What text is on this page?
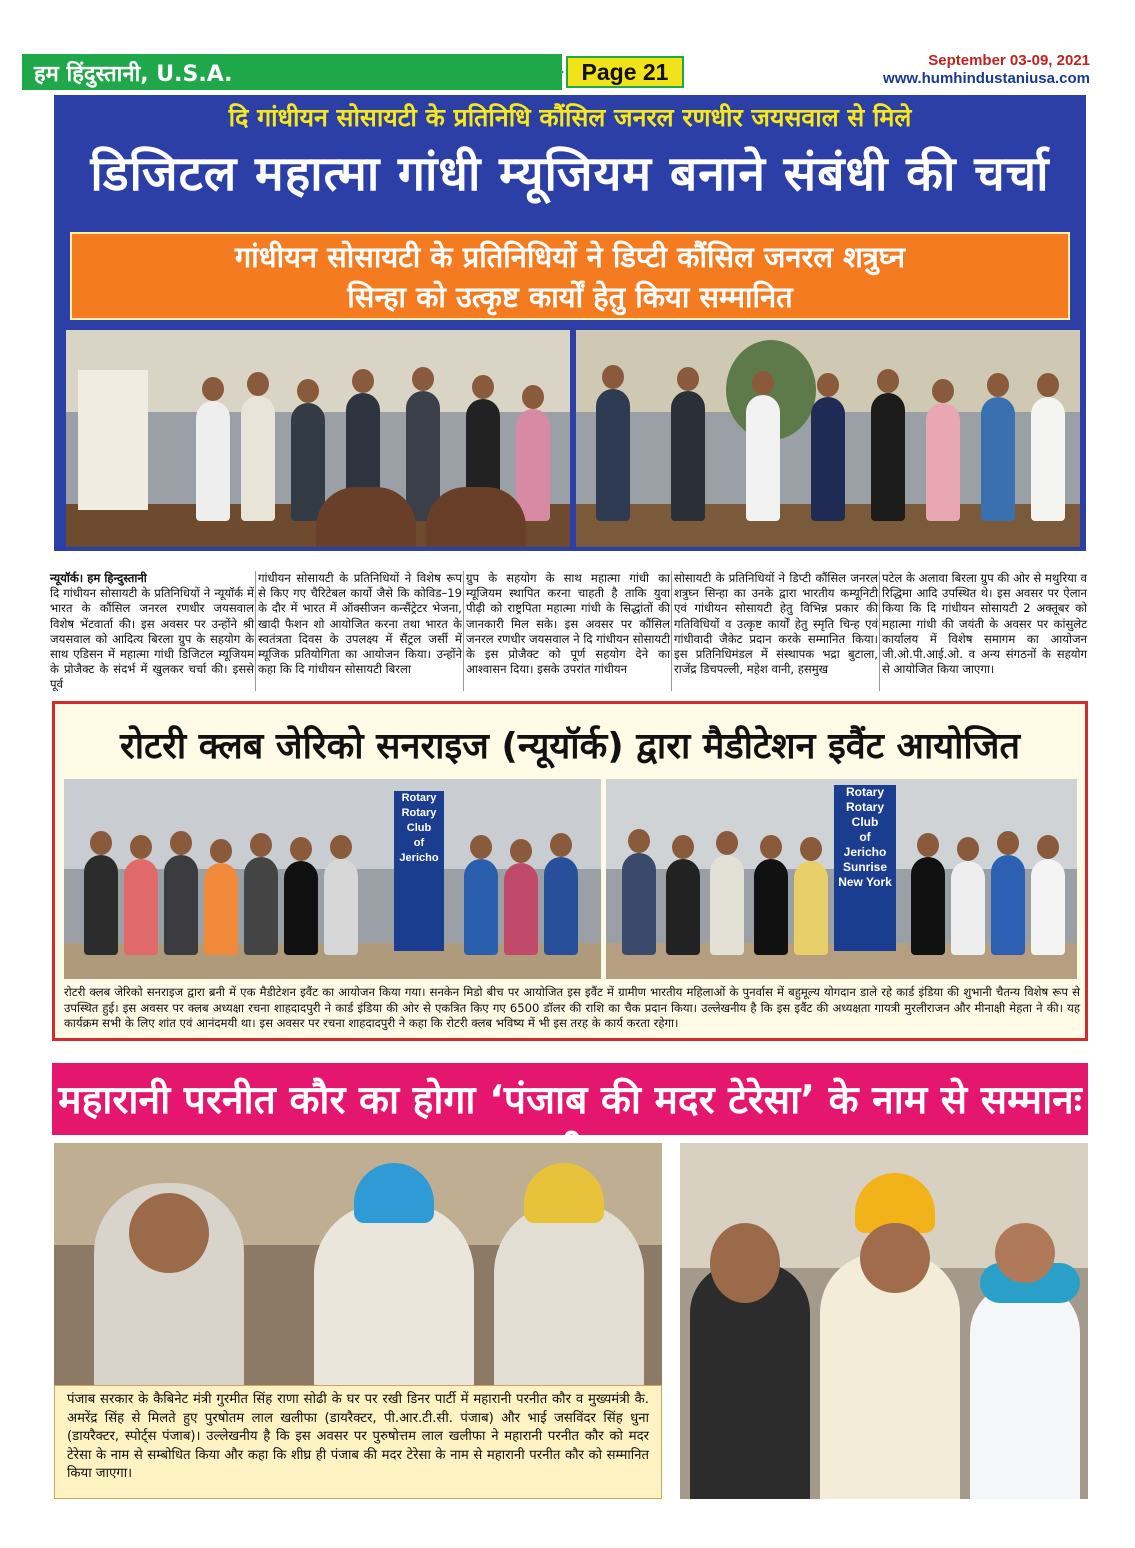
हम हिंदुस्तानी, U.S.A.	Page 21	September 03-09, 2021
www.humhindustaniusa.com
दि गांधीयन सोसायटी के प्रतिनिधि कौंसिल जनरल रणधीर जयसवाल से मिले
डिजिटल महात्मा गांधी म्यूजियम बनाने संबंधी की चर्चा
गांधीयन सोसायटी के प्रतिनिधियों ने डिप्टी कौंसिल जनरल शत्रुघ्न
सिन्हा को उत्कृष्ट कार्यों हेतु किया सम्मानित
न्यूयॉर्क। हम हिन्दुस्तानी
दि गांधीयन सोसायटी के प्रतिनिधियों ने न्यूयॉर्क में भारत के कौंसिल जनरल रणधीर जयसवाल विशेष भेंटवार्ता की। इस अवसर पर उन्होंने श्री जयसवाल को आदित्य बिरला ग्रुप के सहयोग के साथ एडिसन में महात्मा गांधी डिजिटल म्यूजियम के प्रोजैक्ट के संदर्भ में खुलकर चर्चा की। इससे पूर्व
गांधीयन सोसायटी के प्रतिनिधियों ने विशेष रूप से किए गए चैरिटेबल कार्यो जैसे कि कोविड–19 के दौर में भारत में ऑक्सीजन कन्सैंट्रेटर भेजना, खादी फैशन शो आयोजित करना तथा भारत के स्वतंत्रता दिवस के उपलक्ष्य में सैंट्रल जर्सी में म्यूजिक प्रतियोगिता का आयोजन किया। उन्होंने कहा कि दि गांधीयन सोसायटी बिरला
ग्रुप के सहयोग के साथ महात्मा गांधी का म्यूजियम स्थापित करना चाहती है ताकि युवा पीढ़ी को राष्ट्रपिता महात्मा गांधी के सिद्धांतों की जानकारी मिल सके। इस अवसर पर कौंसिल जनरल रणधीर जयसवाल ने दि गांधीयन सोसायटी के इस प्रोजैक्ट को पूर्ण सहयोग देने का आश्वासन दिया। इसके उपरांत गांधीयन
सोसायटी के प्रतिनिधियों ने डिप्टी कौंसिल जनरल शत्रुघ्न सिन्हा का उनके द्वारा भारतीय कम्यूनिटी एवं गांधीयन सोसायटी हेतु विभिन्न प्रकार की गतिविधियों व उत्कृष्ट कार्यों हेतु स्मृति चिन्ह एवं गांधीवादी जैकेट प्रदान करके सम्मानित किया। इस प्रतिनिधिमंडल में संस्थापक भद्रा बुटाला, राजेंद्र डिचपल्ली, महेश वानी, हसमुख
पटेल के अलावा बिरला ग्रुप की ओर से मथुरिया व रिद्धिमा आदि उपस्थित थे। इस अवसर पर ऐलान किया कि दि गांधीयन सोसायटी 2 अक्तूबर को महात्मा गांधी की जयंती के अवसर पर कांसुलेट कार्यालय में विशेष समागम का आयोजन जी.ओ.पी.आई.ओ. व अन्य संगठनों के सहयोग से आयोजित किया जाएगा।
रोटरी क्लब जेरिको सनराइज (न्यूयॉर्क) द्वारा मैडीटेशन इवैंट आयोजित
Rotary
Rotary
Club
of
Jericho
Rotary
Rotary
Club
of
Jericho
Sunrise
New York
रोटरी क्लब जेरिको सनराइज द्वारा ब्रनी में एक मैडीटेशन इवैंट का आयोजन किया गया। सनकेन मिडो बीच पर आयोजित इस इवैंट में ग्रामीण भारतीय महिलाओं के पुनर्वास में बहुमूल्य योगदान डाले रहे कार्ड इंडिया की शुभानी चैतन्य विशेष रूप से उपस्थित हुई। इस अवसर पर क्लब अध्यक्षा रचना शाहदादपुरी ने कार्ड इंडिया की ओर से एकत्रित किए गए 6500 डॉलर की राशि का चैक प्रदान किया। उल्लेखनीय है कि इस इवैंट की अध्यक्षता गायत्री मुरलीराजन और मीनाक्षी मेहता ने की। यह कार्यक्रम सभी के लिए शांत एवं आनंदमयी था। इस अवसर पर रचना शाहदादपुरी ने कहा कि रोटरी क्लब भविष्य में भी इस तरह के कार्य करता रहेगा।
महारानी परनीत कौर का होगा ‘पंजाब की मदर टेरेसा’ के नाम से सम्मानः
पंजाब सरकार के कैबिनेट मंत्री गुरमीत सिंह राणा सोढी के घर पर रखी डिनर पार्टी में महारानी परनीत कौर व मुख्यमंत्री कै. अमरेंद्र सिंह से मिलते हुए पुरषोतम लाल खलीफा (डायरैक्टर, पी.आर.टी.सी. पंजाब) और भाई जसविंदर सिंह धुना (डायरैक्टर, स्पोर्ट्स पंजाब)। उल्लेखनीय है कि इस अवसर पर पुरुषोत्तम लाल खलीफा ने महारानी परनीत कौर को मदर टेरेसा के नाम से सम्बोधित किया और कहा कि शीघ्र ही पंजाब की मदर टेरेसा के नाम से महारानी परनीत कौर को सम्मानित किया जाएगा।
